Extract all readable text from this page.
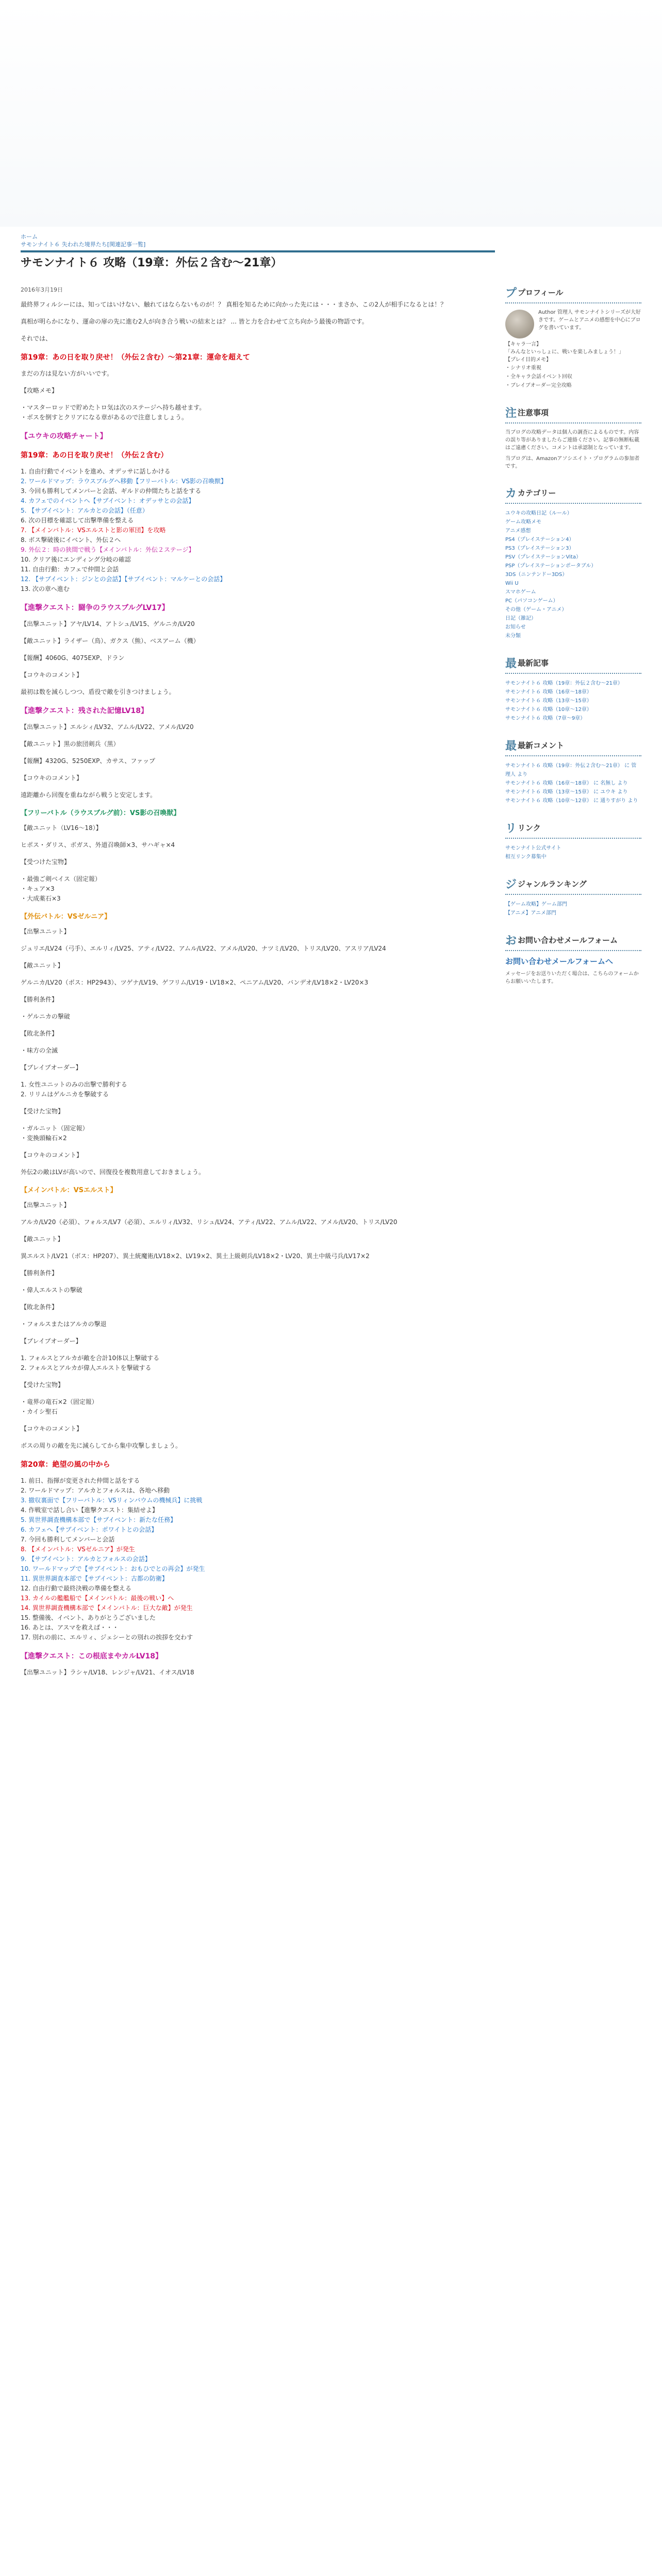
ホーム
サモンナイト６ 失われた境界たち[関連記事一覧]
サモンナイト６ 攻略（19章：外伝２含む〜21章）
2016年3月19日

最終界フィルシーには、知ってはいけない、触れてはならないものが！？ 真相を知るために向かった先には・・・まさか、この2人が相手になるとは！？

真相が明らかになり、運命の扉の先に進む2人が向き合う戦いの結末とは？ ... 皆と力を合わせて立ち向かう最後の物語です。

それでは、

第19章：あの日を取り戻せ！（外伝２含む）〜第21章：運命を超えて

まだの方は見ない方がいいです。

【攻略メモ】

・マスターロッドで貯めたトロ気は次のステージへ持ち越せます。
・ボスを倒すとクリアになる章があるので注意しましょう。
【ユウキの攻略チャート】
第19章：あの日を取り戻せ！（外伝２含む）
1. 自由行動でイベントを進め、オデッサに話しかける
2. ワールドマップ：ラウスブルグへ移動【フリーバトル：VS影の召喚獣】
3. 今回も勝利してメンバーと会話、ギルドの仲間たちと話をする
4. カフェでのイベントへ【サブイベント：オデッサとの会話】
5. 【サブイベント：アルカとの会話】（任意）
6. 次の目標を確認して出撃準備を整える
7. 【メインバトル：VSエルストと影の軍団】を攻略
8. ボス撃破後にイベント、外伝２へ
9. 外伝２：時の狭間で戦う【メインバトル：外伝２ステージ】
10. クリア後にエンディング分岐の確認
11. 自由行動：カフェで仲間と会話
12. 【サブイベント：ジンとの会話】【サブイベント：マルケーとの会話】
13. 次の章へ進む
【進撃クエスト：闘争のラウスブルグLV17】

【出撃ユニット】アヤ/LV14、アトシュ/LV15、ゲルニカ/LV20

【敵ユニット】ライザー（鳥）、ガクス（熊）、ベスアーム（機）

【報酬】4060G、4075EXP、ドラン

【コウキのコメント】

最初は数を減らしつつ、盾役で敵を引きつけましょう。

【進撃クエスト：残された記憶LV18】

【出撃ユニット】エルシィ/LV32、アムル/LV22、アメル/LV20

【敵ユニット】黒の旅団剣兵（黒）

【報酬】4320G、5250EXP、カサス、ファップ

【コウキのコメント】

遠距離から回復を重ねながら戦うと安定します。

【フリーバトル（ラウスブルグ前）：VS影の召喚獣】

【敵ユニット（LV16〜18）】

ヒポス・ダリス、ボガス、外道召喚師×3、サハギャ×4

【受つけた宝物】

・最強ご剣ベイス（固定報）
・キュア×3
・大成薬石×3
【外伝バトル：VSゼルニア】

【出撃ユニット】

ジュリエ/LV24（弓手）、エルリィ/LV25、アティ/LV22、アムル/LV22、アメル/LV20、ナツミ/LV20、トリス/LV20、アスリア/LV24

【敵ユニット】

ゲルニカ/LV20（ボス：HP2943）、ツゲナ/LV19、ゲフリム/LV19・LV18×2、ペニアム/LV20、バンデオ/LV18×2・LV20×3

【勝利条件】

・ゲルニカの撃破

【敗北条件】

・味方の全滅

【ブレイブオーダー】

1. 女性ユニットのみの出撃で勝利する
2. リリムはゲルニカを撃破する

【受けた宝物】

・ガルニット（固定報）
・変換頭輪石×2

【コウキのコメント】

外伝2の敵はLVが高いので、回復役を複数用意しておきましょう。

【メインバトル：VSエルスト】

【出撃ユニット】

アルカ/LV20（必須）、フォルス/LV7（必須）、エルリィ/LV32、リシュ/LV24、アティ/LV22、アムル/LV22、アメル/LV20、トリス/LV20

【敵ユニット】

異エルスト/LV21（ボス：HP207）、異土統魔術/LV18×2、LV19×2、異土上級剣兵/LV18×2・LV20、異土中級弓兵/LV17×2

【勝利条件】

・偉人エルストの撃破

【敗北条件】

・フォルスまたはアルカの撃退

【ブレイブオーダー】

1. フォルスとアルカが敵を合計10体以上撃破する
2. フォルスとアルカが偉人エルストを撃破する

【受けた宝物】

・竜界の竜石×2（固定報）
・カイシ聖石

【コウキのコメント】

ボスの周りの敵を先に減らしてから集中攻撃しましょう。

第20章：絶望の風の中から
1. 前日、指揮が変更された仲間と話をする
2. ワールドマップ：アルカとフォルスは、各地へ移動
3. 撤収裏面で【フリーバトル：VSリィンバウムの機械兵】に挑戦
4. 作戦室で話し合い【進撃クエスト：集結せよ】
5. 異世界調査機構本部で【サブイベント：新たな任務】
6. カフェへ【サブイベント：ポワイトとの会話】
7. 今回も勝利してメンバーと会話
8. 【メインバトル：VSゼルニア】が発生
9. 【サブイベント：アルカとフォルスの会話】
10. ワールドマップで【サブイベント：おもひでとの再会】が発生
11. 異世界調査本部で【サブイベント：古都の防衛】
12. 自由行動で最終決戦の準備を整える
13. カイルの艦艦船で【メインバトル：最後の戦い】へ
14. 異世界調査機構本部で【メインバトル：巨大な敵】が発生
15. 整備後、イベント、ありがとうございました
16. あとは、アスマを救えば・・・
17. 別れの前に、エルリィ、ジェシーとの別れの挨拶を交わす
【進撃クエスト：この根底まやカルLV18】

【出撃ユニット】ラシャ/LV18、レンジャ/LV21、イオス/LV18

プ プロフィール

Author 管理人 サモンナイトシリーズが大好きです。ゲームとアニメの感想を中心にブログを書いています。

【キャラ一言】

「みんなといっしょに、戦いを楽しみましょう！」

【プレイ目的メモ】

・シナリオ重視
・全キャラ会話イベント回収
・ブレイブオーダー完全攻略
注 注意事項

当ブログの攻略データは個人の調査によるものです。内容の誤り等がありましたらご連絡ください。記事の無断転載はご遠慮ください。コメントは承認制となっています。

当ブログは、Amazonアソシエイト・プログラムの参加者です。

カ カテゴリー
ユウキの攻略日記（ルール）
ゲーム攻略メモ
アニメ感想
PS4（プレイステーション4）
PS3（プレイステーション3）
PSV（プレイステーションVita）
PSP（プレイステーションポータブル）
3DS（ニンテンドー3DS）
Wii U
スマホゲーム
PC（パソコンゲーム）
その他（ゲーム・アニメ）
日記（雑記）
お知らせ
未分類
最 最新記事
サモンナイト６ 攻略（19章：外伝２含む〜21章）
サモンナイト６ 攻略（16章〜18章）
サモンナイト６ 攻略（13章〜15章）
サモンナイト６ 攻略（10章〜12章）
サモンナイト６ 攻略（7章〜9章）
最 最新コメント
サモンナイト６ 攻略（19章：外伝２含む〜21章） に 管理人 より
サモンナイト６ 攻略（16章〜18章） に 名無し より
サモンナイト６ 攻略（13章〜15章） に ユウキ より
サモンナイト６ 攻略（10章〜12章） に 通りすがり より
リ リンク
サモンナイト公式サイト
相互リンク募集中
ジ ジャンルランキング
【ゲーム攻略】ゲーム部門
【アニメ】アニメ部門
お お問い合わせメールフォーム
お問い合わせメールフォームへ

メッセージをお送りいただく場合は、こちらのフォームからお願いいたします。
